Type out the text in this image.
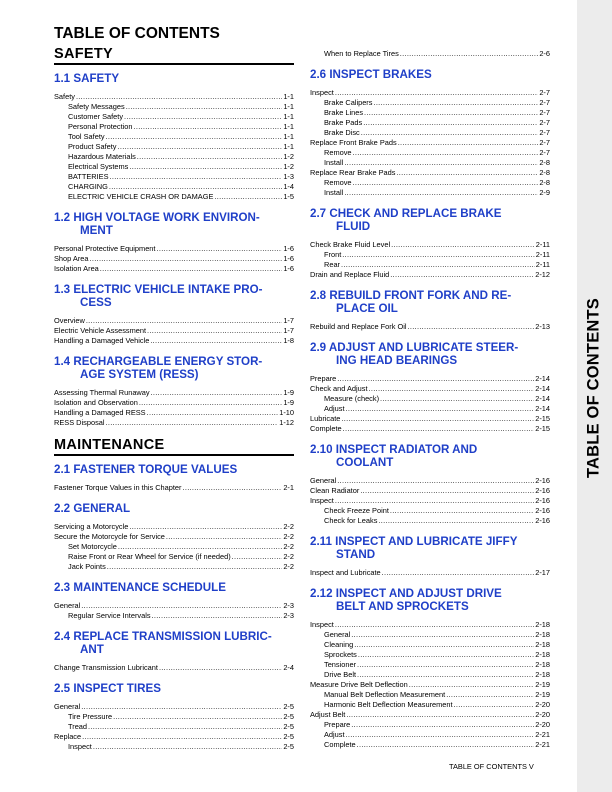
TABLE OF CONTENTS
TABLE OF CONTENTS
SAFETY
1.1 SAFETY
Safety .....	1-1
Safety Messages .....	1-1
Customer Safety .....	1-1
Personal Protection .....	1-1
Tool Safety .....	1-1
Product Safety .....	1-1
Hazardous Materials .....	1-2
Electrical Systems .....	1-2
BATTERIES .....	1-3
CHARGING .....	1-4
ELECTRIC VEHICLE CRASH OR DAMAGE .....	1-5
1.2 HIGH VOLTAGE WORK ENVIRON-
MENT
Personal Protective Equipment .....	1-6
Shop Area .....	1-6
Isolation Area .....	1-6
1.3 ELECTRIC VEHICLE INTAKE PRO-
CESS
Overview .....	1-7
Electric Vehicle Assessment .....	1-7
Handling a Damaged Vehicle .....	1-8
1.4 RECHARGEABLE ENERGY STOR-
AGE SYSTEM (RESS)
Assessing Thermal Runaway .....	1-9
Isolation and Observation .....	1-9
Handling a Damaged RESS .....	1-10
RESS Disposal .....	1-12
MAINTENANCE
2.1 FASTENER TORQUE VALUES
Fastener Torque Values in this Chapter .....	2-1
2.2 GENERAL
Servicing a Motorcycle .....	2-2
Secure the Motorcycle for Service .....	2-2
Set Motorcycle .....	2-2
Raise Front or Rear Wheel for Service (if needed) .....	2-2
Jack Points .....	2-2
2.3 MAINTENANCE SCHEDULE
General .....	2-3
Regular Service Intervals .....	2-3
2.4 REPLACE TRANSMISSION LUBRIC-
ANT
Change Transmission Lubricant .....	2-4
2.5 INSPECT TIRES
General .....	2-5
Tire Pressure .....	2-5
Tread .....	2-5
Replace .....	2-5
Inspect .....	2-5
When to Replace Tires .....	2-6
2.6 INSPECT BRAKES
Inspect .....	2-7
Brake Calipers .....	2-7
Brake Lines .....	2-7
Brake Pads .....	2-7
Brake Disc .....	2-7
Replace Front Brake Pads .....	2-7
Remove .....	2-7
Install .....	2-8
Replace Rear Brake Pads .....	2-8
Remove .....	2-8
Install .....	2-9
2.7 CHECK AND REPLACE BRAKE
FLUID
Check Brake Fluid Level .....	2-11
Front .....	2-11
Rear .....	2-11
Drain and Replace Fluid .....	2-12
2.8 REBUILD FRONT FORK AND RE-
PLACE OIL
Rebuild and Replace Fork Oil .....	2-13
2.9 ADJUST AND LUBRICATE STEER-
ING HEAD BEARINGS
Prepare .....	2-14
Check and Adjust .....	2-14
Measure (check) .....	2-14
Adjust .....	2-14
Lubricate .....	2-15
Complete .....	2-15
2.10 INSPECT RADIATOR AND
COOLANT
General .....	2-16
Clean Radiator .....	2-16
Inspect .....	2-16
Check Freeze Point .....	2-16
Check for Leaks .....	2-16
2.11 INSPECT AND LUBRICATE JIFFY
STAND
Inspect and Lubricate .....	2-17
2.12 INSPECT AND ADJUST DRIVE
BELT AND SPROCKETS
Inspect .....	2-18
General .....	2-18
Cleaning .....	2-18
Sprockets .....	2-18
Tensioner .....	2-18
Drive Belt .....	2-18
Measure Drive Belt Deflection .....	2-19
Manual Belt Deflection Measurement .....	2-19
Harmonic Belt Deflection Measurement .....	2-20
Adjust Belt .....	2-20
Prepare .....	2-20
Adjust .....	2-21
Complete .....	2-21
TABLE OF CONTENTS V
